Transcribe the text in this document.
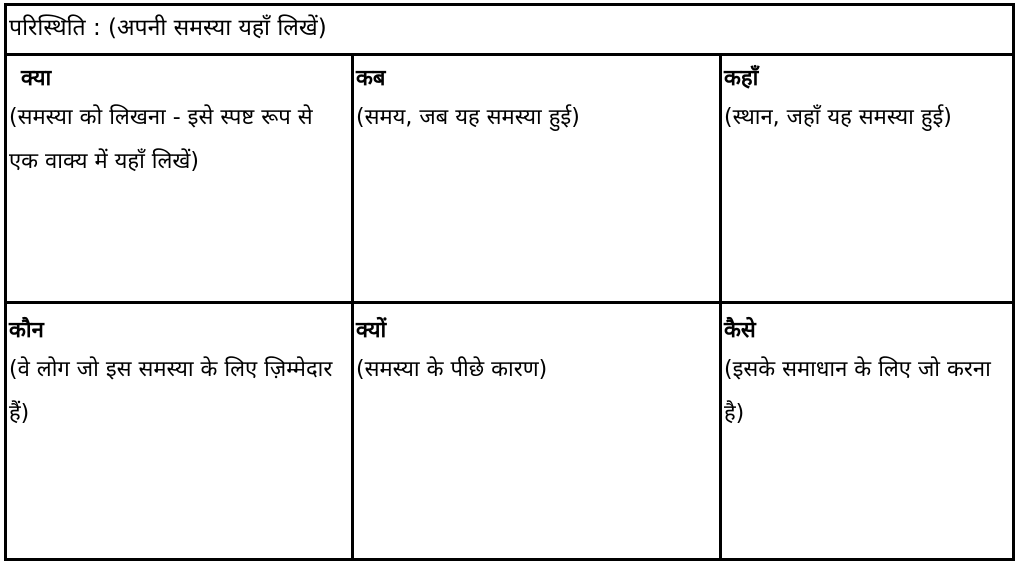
परिस्थिति : (अपनी समस्या यहाँ लिखें)
क्या
(समस्या को लिखना - इसे स्पष्ट रूप से एक वाक्य में यहाँ लिखें)
कब
(समय, जब यह समस्या हुई)
कहाँ
(स्थान, जहाँ यह समस्या हुई)
कौन
(वे लोग जो इस समस्या के लिए ज़िम्मेदार हैं)
क्यों
(समस्या के पीछे कारण)
कैसे
(इसके समाधान के लिए जो करना है)
